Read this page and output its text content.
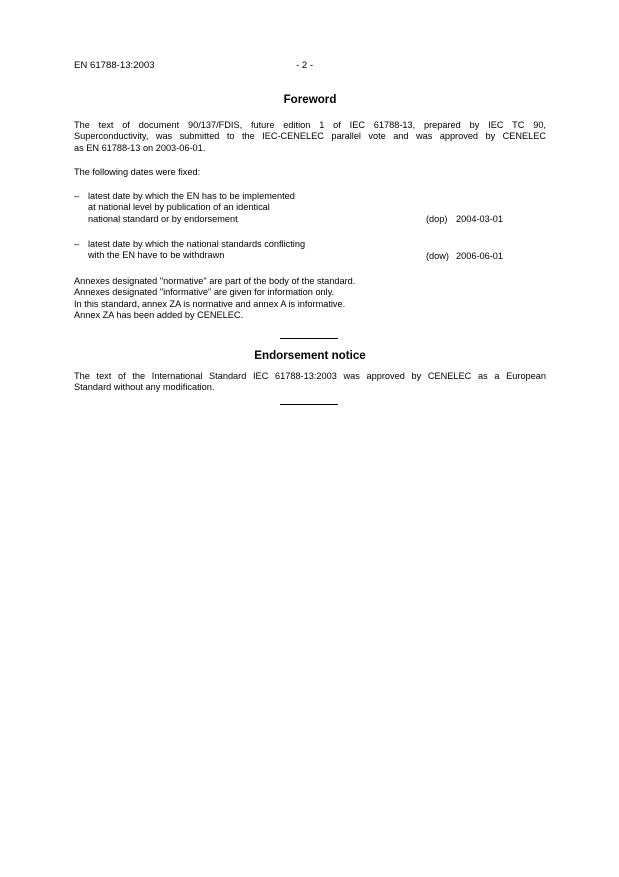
EN 61788-13:2003	- 2 -
Foreword
The text of document 90/137/FDIS, future edition 1 of IEC 61788-13, prepared by IEC TC 90,
Superconductivity, was submitted to the IEC-CENELEC parallel vote and was approved by CENELEC
as EN 61788-13 on 2003-06-01.
The following dates were fixed:
– latest date by which the EN has to be implemented
at national level by publication of an identical
national standard or by endorsement	(dop) 2004-03-01
– latest date by which the national standards conflicting
with the EN have to be withdrawn	(dow) 2006-06-01
Annexes designated "normative" are part of the body of the standard.
Annexes designated "informative" are given for information only.
In this standard, annex ZA is normative and annex A is informative.
Annex ZA has been added by CENELEC.
Endorsement notice
The text of the International Standard IEC 61788-13:2003 was approved by CENELEC as a European
Standard without any modification.
